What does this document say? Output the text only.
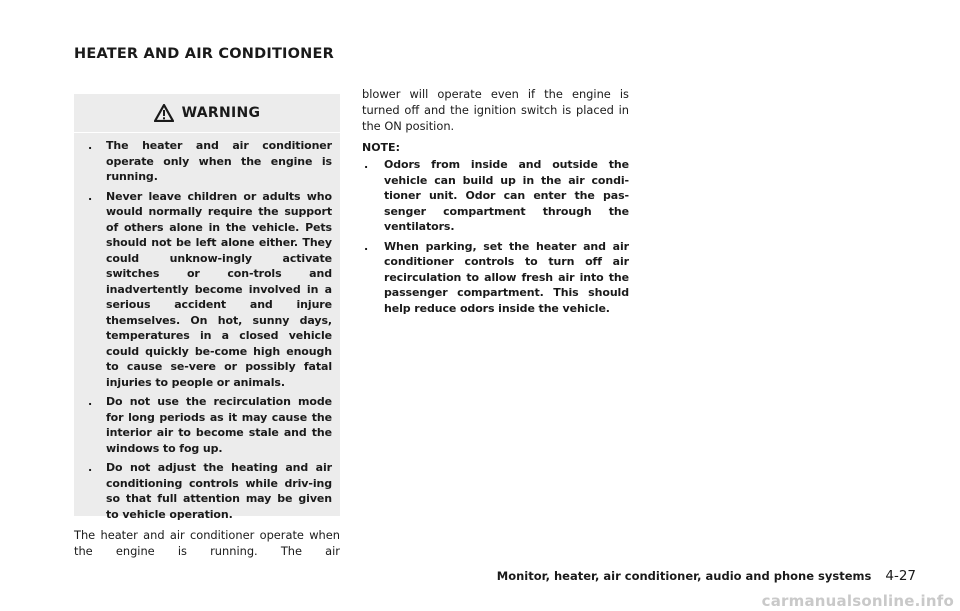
HEATER AND AIR CONDITIONER
WARNING
. The heater and air conditioner operate only when the engine is running.
. Never leave children or adults who would normally require the support of others alone in the vehicle. Pets should not be left alone either. They could unknow-ingly activate switches or con-trols and inadvertently become involved in a serious accident and injure themselves. On hot, sunny days, temperatures in a closed vehicle could quickly be-come high enough to cause se-vere or possibly fatal injuries to people or animals.
. Do not use the recirculation mode for long periods as it may cause the interior air to become stale and the windows to fog up.
. Do not adjust the heating and air conditioning controls while driv-ing so that full attention may be given to vehicle operation.

The heater and air conditioner operate when the engine is running. The air

blower will operate even if the engine is turned off and the ignition switch is placed in the ON position.

NOTE:

. Odors from inside and outside the vehicle can build up in the air condi-tioner unit. Odor can enter the pas-senger compartment through the ventilators.
. When parking, set the heater and air conditioner controls to turn off air recirculation to allow fresh air into the passenger compartment. This should help reduce odors inside the vehicle.
Monitor, heater, air conditioner, audio and phone systems 4-27
carmanualsonline.info
